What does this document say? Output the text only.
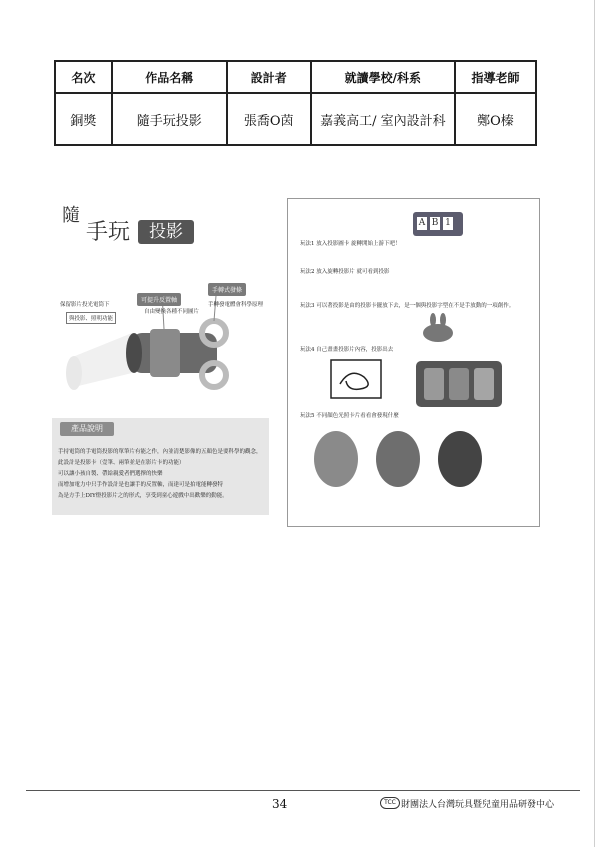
名次	作品名稱	設計者	就讀學校/科系	指導老師
銅獎	隨手玩投影	張喬O茵	嘉義高工/ 室內設計科	鄭O榛
隨
手玩	投影
可提升反置軸
手轉式發條
保留影片投光電筒下
與投影、照明功能
自由變換各種不同圖片
手轉發電體會科學原理
產品說明
手持電筒的手電筒投影的單筆片有能之作，內並清楚影像的五顏色是要科學的觀念，
此設計是投影卡（壹筆、兩筆並是在影片卡的功能）
可以讓小孩自製、帶給親愛者們選擇的快樂
而增加電力中只手作設計是也讓手的反置軸，而達可是拍電能轉發特
為是方手上DIY燈投影片之的形式，享受到童心遊戲中出歡樂的動能。
A B 1
玩法1 放入投影圖卡 旋轉開始上游下吧！
玩法2 放入旋轉投影片 就可看到投影
玩法3 可以著投影是由的投影卡擺放下去，是一個與投影字型在不是手放動的一項創作。
玩法4 自己畫畫投影片內容，投影出去
玩法5 不同顏色光照卡片看看會發現什麼
34	TCC 財團法人台灣玩具暨兒童用品研發中心
